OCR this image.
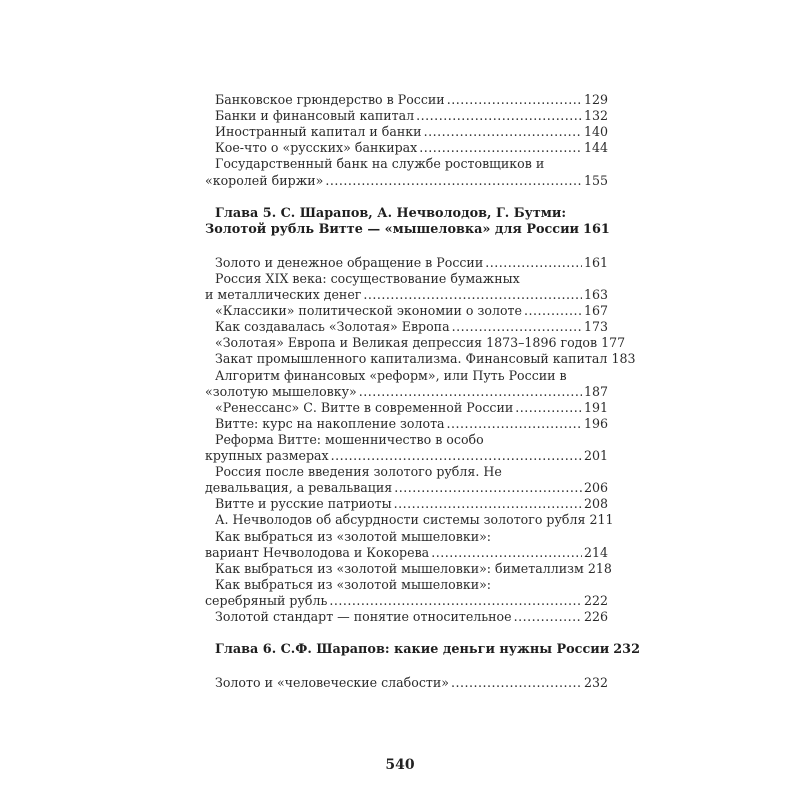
Банковское грюндерство в России .....	129
Банки и финансовый капитал .....	132
Иностранный капитал и банки .....	140
Кое-что о «русских» банкирах .....	144
Государственный банк на службе ростовщиков и
«королей биржи» .....	155
Глава 5. С. Шарапов, А. Нечволодов, Г. Бутми:
Золотой рубль Витте — «мышеловка» для России 161
Золото и денежное обращение в России .....	161
Россия XIX века: сосуществование бумажных
и металлических денег .....	163
«Классики» политической экономии о золоте .....	167
Как создавалась «Золотая» Европа .....	173
«Золотая» Европа и Великая депрессия 1873–1896 годов 177
Закат промышленного капитализма. Финансовый капитал 183
Алгоритм финансовых «реформ», или Путь России в
«золотую мышеловку» .....	187
«Ренессанс» С. Витте в современной России .....	191
Витте: курс на накопление золота .....	196
Реформа Витте: мошенничество в особо
крупных размерах .....	201
Россия после введения золотого рубля. Не
девальвация, а ревальвация .....	206
Витте и русские патриоты .....	208
А. Нечволодов об абсурдности системы золотого рубля 211
Как выбраться из «золотой мышеловки»:
вариант Нечволодова и Кокорева .....	214
Как выбраться из «золотой мышеловки»: биметаллизм 218
Как выбраться из «золотой мышеловки»:
серебряный рубль .....	222
Золотой стандарт — понятие относительное .....	226
Глава 6. С.Ф. Шарапов: какие деньги нужны России 232
Золото и «человеческие слабости» .....	232
540
